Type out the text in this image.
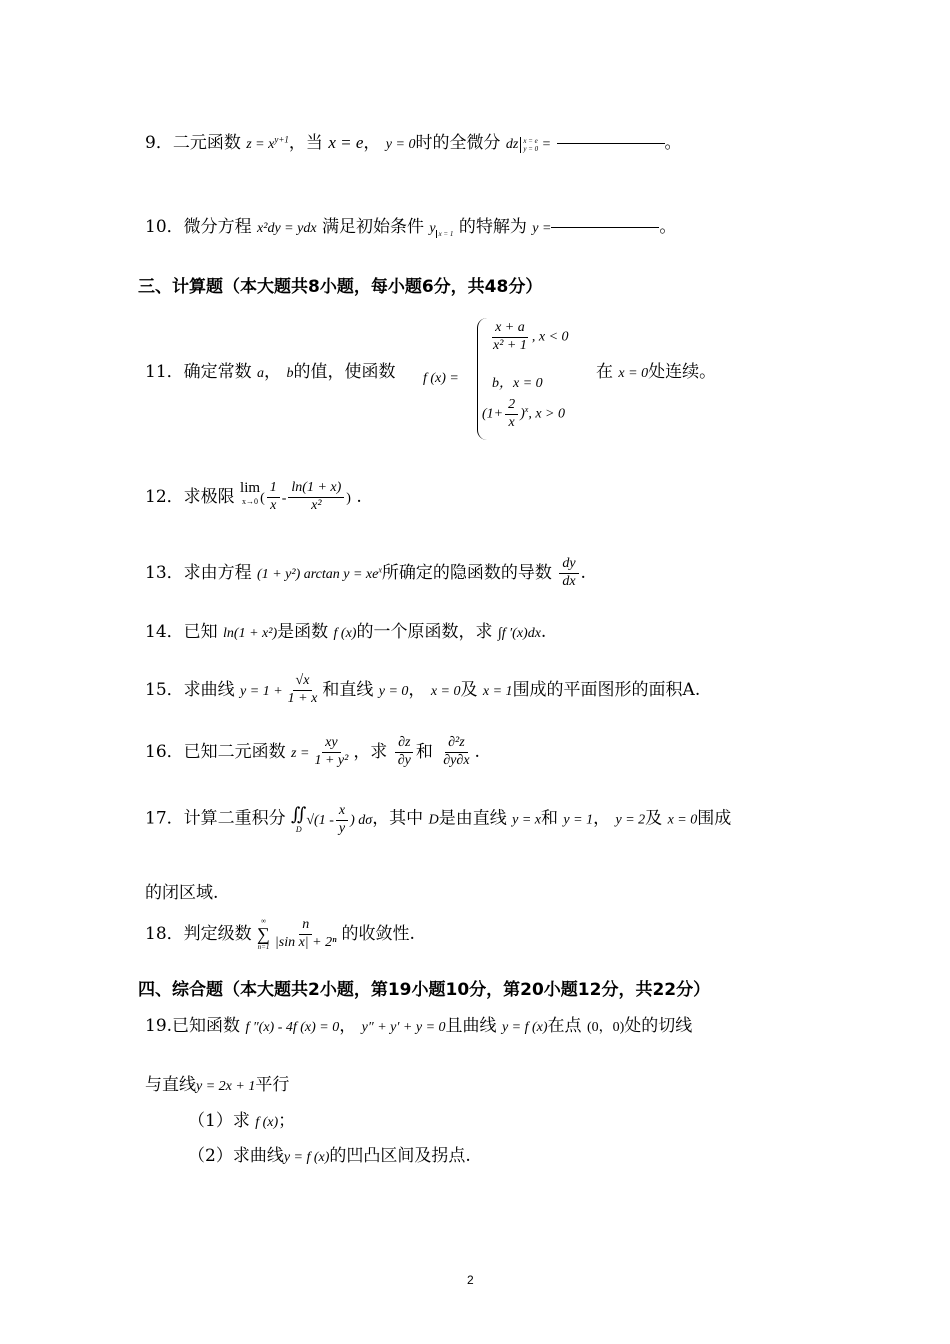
9．二元函数 $z = x^{y+1}$，当 x = e， y = 0时的全微分 dz x = e
y = 0 =	。
10．微分方程 x²dy = ydx 满足初始条件 y $_{x = 1}$ 的特解为 y =	。
三、计算题（本大题共8小题，每小题6分，共48分）
11．确定常数 a， b的值，使函数 f (x) =
$\frac{x + a}{\text{x² + 1}}$ , x < 0
b，x = 0
$(1+ \frac{2}{x} )^x$, x > 0
在 x = 0处连续。
12．求极限 lim
x→0 ( $\frac{1}{x} - \frac{\ln(1 + x)}{\text{x²}}$ ) .
13．求由方程 (1 + y²) $\arctan y = xe^x$所确定的隐函数的导数 $\frac{dy}{dx}$ .
14．已知 ln(1 + x²)是函数 f (x)的一个原函数，求 ∫f ′(x)dx.
15．求曲线 $y = 1 + \frac{√x}{1 + x}$ 和直线 y = 0， x = 0及 x = 1围成的平面图形的面积A.
16．已知二元函数 $z = \frac{xy}{\text{1 + y²}}$ ，求 $\frac{\partial z}{\partial y}$ 和 $\frac{\text{∂²z}}{\partial y\partial x}$ .
17．计算二重积分 ∬
D
$√(1 - \frac{x}{y}$ ) dσ，其中 D是由直线 y = x和 y = 1， y = 2及 x = 0围成
的闭区域.
18．判定级数
∞
∑
$n=1 \frac{n}{\text{|sin x| + 2ⁿ}}$ 的收敛性.
四、综合题（本大题共2小题，第19小题10分，第20小题12分，共22分）
19.已知函数 f ″(x) - 4f (x) = 0， y″ + y′ + y = 0且曲线 y = f (x)在点 (0，0)处的切线
与直线y = 2x + 1平行
（1）求 f (x)；
（2）求曲线y = f (x)的凹凸区间及拐点.
2
